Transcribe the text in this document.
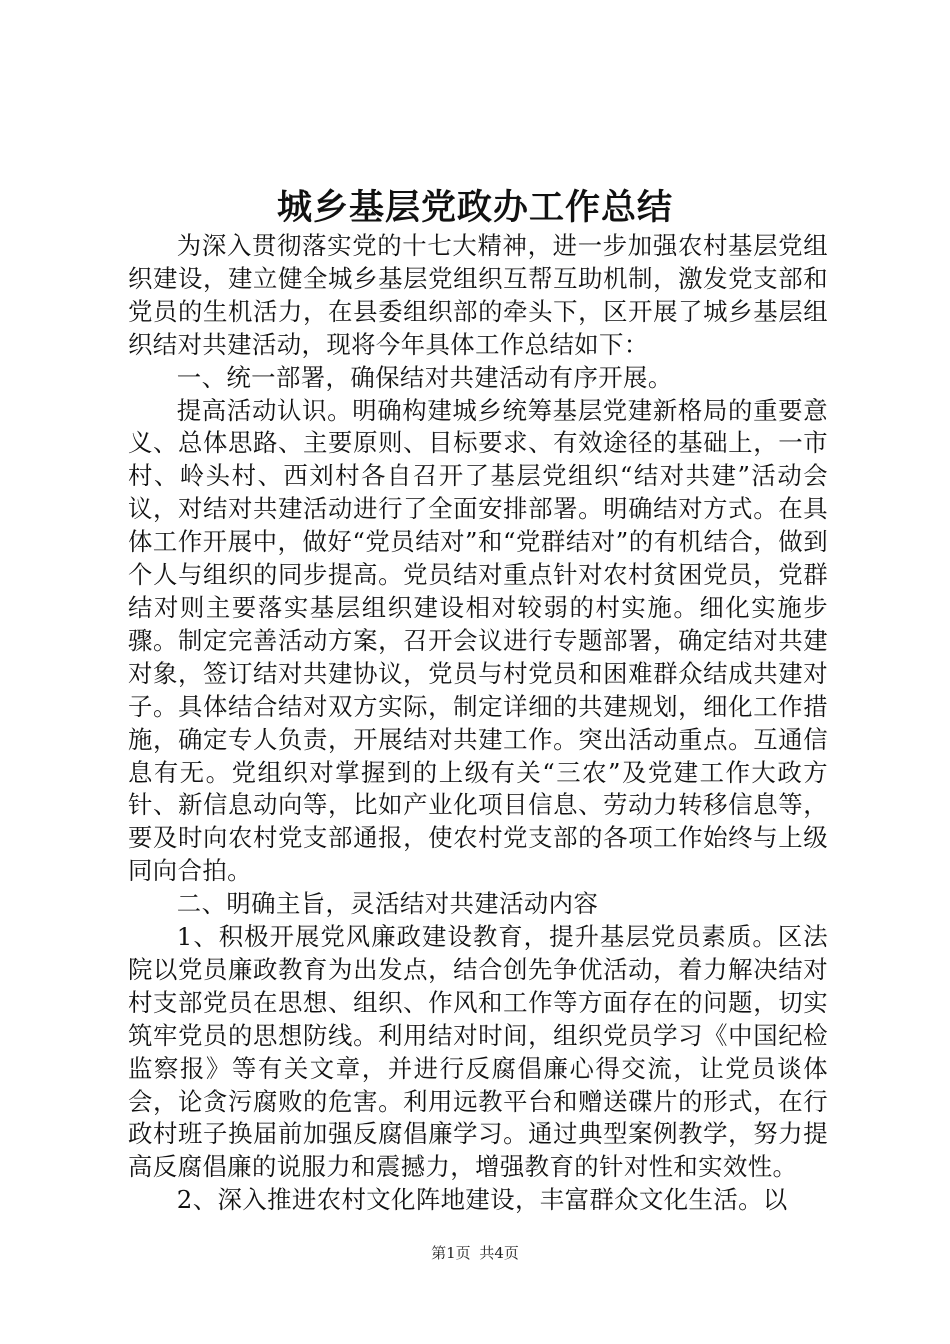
城乡基层党政办工作总结

为深入贯彻落实党的十七大精神，进一步加强农村基层党组织建设，建立健全城乡基层党组织互帮互助机制，激发党支部和党员的生机活力，在县委组织部的牵头下，区开展了城乡基层组织结对共建活动，现将今年具体工作总结如下：

一、统一部署，确保结对共建活动有序开展。

提高活动认识。明确构建城乡统筹基层党建新格局的重要意义、总体思路、主要原则、目标要求、有效途径的基础上，一市村、岭头村、西刘村各自召开了基层党组织“结对共建”活动会议，对结对共建活动进行了全面安排部署。明确结对方式。在具体工作开展中，做好“党员结对”和“党群结对”的有机结合，做到个人与组织的同步提高。党员结对重点针对农村贫困党员，党群结对则主要落实基层组织建设相对较弱的村实施。细化实施步骤。制定完善活动方案，召开会议进行专题部署，确定结对共建对象，签订结对共建协议，党员与村党员和困难群众结成共建对子。具体结合结对双方实际，制定详细的共建规划，细化工作措施，确定专人负责，开展结对共建工作。突出活动重点。互通信息有无。党组织对掌握到的上级有关“三农”及党建工作大政方针、新信息动向等，比如产业化项目信息、劳动力转移信息等，要及时向农村党支部通报，使农村党支部的各项工作始终与上级同向合拍。

二、明确主旨，灵活结对共建活动内容

1、积极开展党风廉政建设教育，提升基层党员素质。区法院以党员廉政教育为出发点，结合创先争优活动，着力解决结对村支部党员在思想、组织、作风和工作等方面存在的问题，切实筑牢党员的思想防线。利用结对时间，组织党员学习《中国纪检监察报》等有关文章，并进行反腐倡廉心得交流，让党员谈体会，论贪污腐败的危害。利用远教平台和赠送碟片的形式，在行政村班子换届前加强反腐倡廉学习。通过典型案例教学，努力提高反腐倡廉的说服力和震撼力，增强教育的针对性和实效性。

2、深入推进农村文化阵地建设，丰富群众文化生活。以

第1页 共4页
